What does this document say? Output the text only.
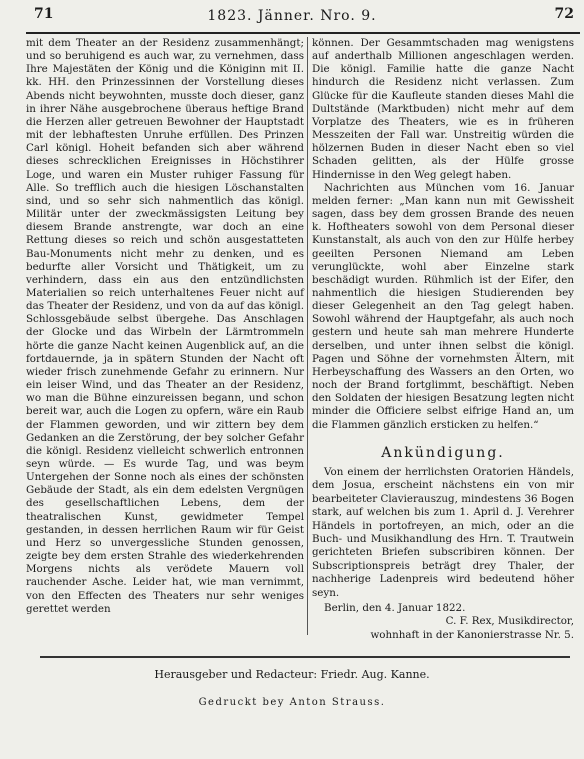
71	1823. Jänner. Nro. 9.	72

mit dem Theater an der Residenz zusammenhängt; und so beruhigend es auch war, zu vernehmen, dass Ihre Majestäten der König und die Königinn mit II. kk. HH. den Prinzessinnen der Vorstellung dieses Abends nicht beywohnten, musste doch dieser, ganz in ihrer Nähe ausgebrochene überaus heftige Brand die Herzen aller getreuen Bewohner der Hauptstadt mit der lebhaftesten Unruhe erfüllen. Des Prinzen Carl königl. Hoheit befanden sich aber während dieses schrecklichen Ereignisses in Höchstihrer Loge, und waren ein Muster ruhiger Fassung für Alle. So trefflich auch die hiesigen Löschanstalten sind, und so sehr sich nahmentlich das königl. Militär unter der zweckmässigsten Leitung bey diesem Brande anstrengte, war doch an eine Rettung dieses so reich und schön ausgestatteten Bau-Monuments nicht mehr zu denken, und es bedurfte aller Vorsicht und Thätigkeit, um zu verhindern, dass ein aus den entzündlichsten Materialien so reich unterhaltenes Feuer nicht auf das Theater der Residenz, und von da auf das königl. Schlossgebäude selbst übergehe. Das Anschlagen der Glocke und das Wirbeln der Lärmtrommeln hörte die ganze Nacht keinen Augenblick auf, an die fortdauernde, ja in spätern Stunden der Nacht oft wieder frisch zunehmende Gefahr zu erinnern. Nur ein leiser Wind, und das Theater an der Residenz, wo man die Bühne einzureissen begann, und schon bereit war, auch die Logen zu opfern, wäre ein Raub der Flammen geworden, und wir zittern bey dem Gedanken an die Zerstörung, der bey solcher Gefahr die königl. Residenz vielleicht schwerlich entronnen seyn würde. — Es wurde Tag, und was beym Untergehen der Sonne noch als eines der schönsten Gebäude der Stadt, als ein dem edelsten Vergnügen des gesellschaftlichen Lebens, dem der theatralischen Kunst, gewidmeter Tempel gestanden, in dessen herrlichen Raum wir für Geist und Herz so unvergessliche Stunden genossen, zeigte bey dem ersten Strahle des wiederkehrenden Morgens nichts als verödete Mauern voll rauchender Asche. Leider hat, wie man vernimmt, von den Effecten des Theaters nur sehr weniges gerettet werden

können. Der Gesammtschaden mag wenigstens auf anderthalb Millionen angeschlagen werden. Die königl. Familie hatte die ganze Nacht hindurch die Residenz nicht verlassen. Zum Glücke für die Kaufleute standen dieses Mahl die Dultstände (Marktbuden) nicht mehr auf dem Vorplatze des Theaters, wie es in früheren Messzeiten der Fall war. Unstreitig würden die hölzernen Buden in dieser Nacht eben so viel Schaden gelitten, als der Hülfe grosse Hindernisse in den Weg gelegt haben.

Nachrichten aus München vom 16. Januar melden ferner: „Man kann nun mit Gewissheit sagen, dass bey dem grossen Brande des neuen k. Hoftheaters sowohl von dem Personal dieser Kunstanstalt, als auch von den zur Hülfe herbey geeilten Personen Niemand am Leben verunglückte, wohl aber Einzelne stark beschädigt wurden. Rühmlich ist der Eifer, den nahmentlich die hiesigen Studierenden bey dieser Gelegenheit an den Tag gelegt haben. Sowohl während der Hauptgefahr, als auch noch gestern und heute sah man mehrere Hunderte derselben, und unter ihnen selbst die königl. Pagen und Söhne der vornehmsten Ältern, mit Herbeyschaffung des Wassers an den Orten, wo noch der Brand fortglimmt, beschäftigt. Neben den Soldaten der hiesigen Besatzung legten nicht minder die Officiere selbst eifrige Hand an, um die Flammen gänzlich ersticken zu helfen.“

Ankündigung.

Von einem der herrlichsten Oratorien Händels, dem Josua, erscheint nächstens ein von mir bearbeiteter Clavierauszug, mindestens 36 Bogen stark, auf welchen bis zum 1. April d. J. Verehrer Händels in portofreyen, an mich, oder an die Buch- und Musikhandlung des Hrn. T. Trautwein gerichteten Briefen subscribiren können. Der Subscriptionspreis beträgt drey Thaler, der nachherige Ladenpreis wird bedeutend höher seyn.

Berlin, den 4. Januar 1822.

C. F. Rex, Musikdirector,

wohnhaft in der Kanonierstrasse Nr. 5.

Herausgeber und Redacteur: Friedr. Aug. Kanne.
Gedruckt bey Anton Strauss.
